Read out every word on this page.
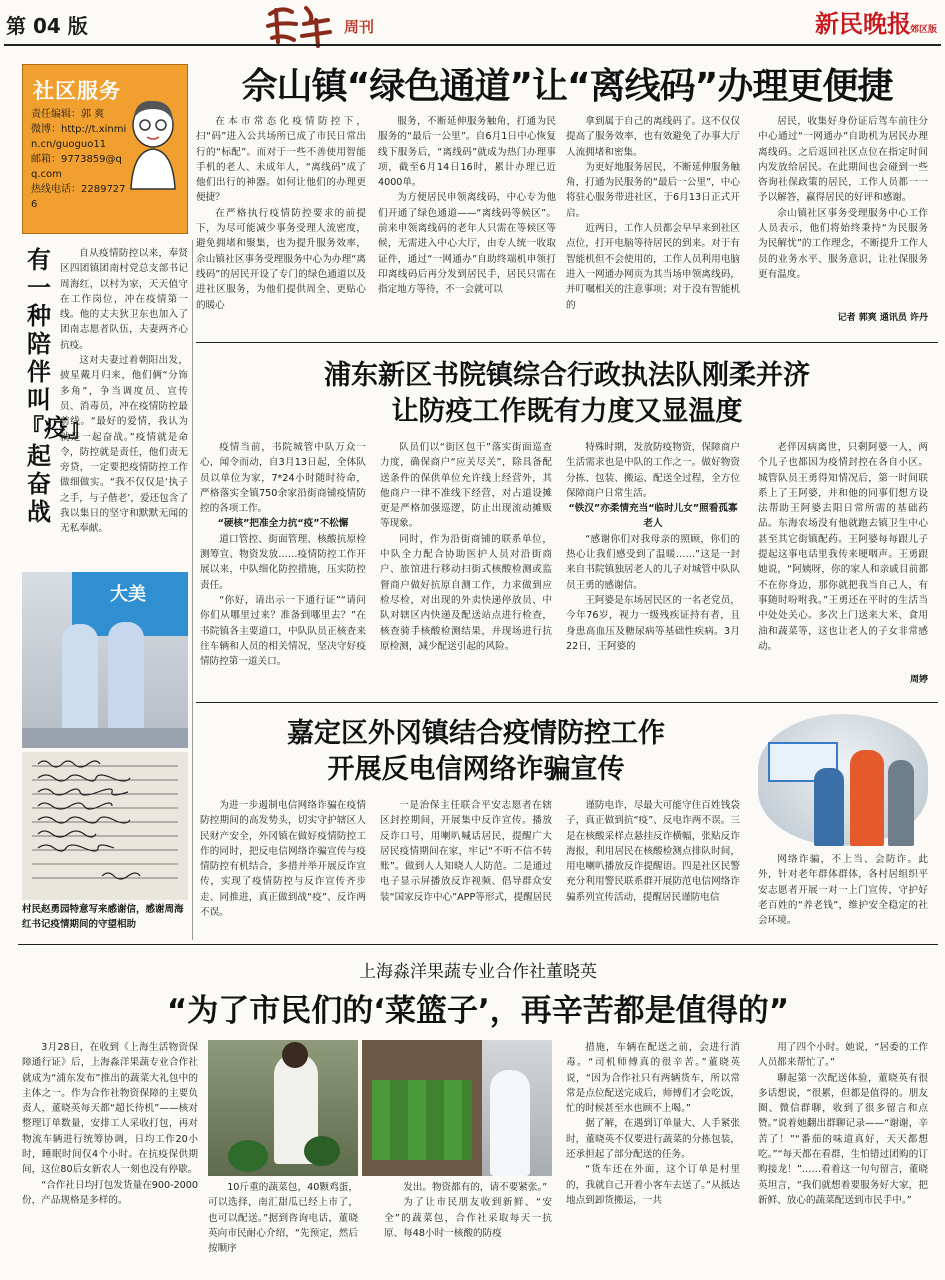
第 04 版	周刊	新民晚报
郊区版
社区服务
责任编辑：郭 爽
微博：http://t.xinmin.cn/guoguo11
邮箱：9773859@qq.com
热线电话：22897276
佘山镇“绿色通道”让“离线码”办理更便捷

在本市常态化疫情防控下，扫“码”进入公共场所已成了市民日常出行的“标配”。而对于一些不善使用智能手机的老人、未成年人，“离线码”成了他们出行的神器。如何让他们的办理更便捷？

在严格执行疫情防控要求的前提下，为尽可能减少事务受理人流密度，避免拥堵和聚集，也为提升服务效率，佘山镇社区事务受理服务中心为办理“离线码”的居民开设了专门的绿色通道以及进社区服务，为他们提供周全、更贴心的暖心

服务，不断延伸服务触角，打通为民服务的“最后一公里”。自6月1日中心恢复线下服务后，“离线码”就成为热门办理事项，截至6月14日16时，累计办理已近4000单。

为方便居民申领离线码，中心专为他们开通了绿色通道——“离线码等候区”。前来申领离线码的老年人只需在等候区等候，无需进入中心大厅，由专人统一收取证件，通过“一网通办”自助终端机申领打印离线码后再分发到居民手，居民只需在指定地方等待，不一会就可以

拿到属于自己的离线码了。这不仅仅提高了服务效率，也有效避免了办事大厅人流拥堵和密集。

为更好地服务居民，不断延伸服务触角，打通为民服务的“最后一公里”，中心将驻心服务带进社区，于6月13日正式开启。

近两日，工作人员都会早早来到社区点位，打开电脑等待居民的到来。对于有智能机但不会使用的，工作人员利用电脑进入一网通办网页为其当场申领离线码，并叮嘱相关的注意事项；对于没有智能机的

居民，收集好身份证后驾车前往分中心通过“一网通办”自助机为居民办理离线码。之后返回社区点位在指定时间内发放给居民。在此期间也会碰到一些咨询社保政策的居民，工作人员都一一予以解答，赢得居民的好评和感谢。

佘山镇社区事务受理服务中心工作人员表示，他们将始终秉持“为民服务 为民解忧”的工作理念，不断提升工作人员的业务水平、服务意识，让社保服务更有温度。

记者 郭爽 通讯员 许丹
有一种陪伴叫『疫』起奋战

自从疫情防控以来，奉贤区四团镇团南村党总支部书记周海红，以村为家，天天值守在工作岗位，冲在疫情第一线。他的丈夫狄卫东也加入了团南志愿者队伍，夫妻两齐心抗疫。

这对夫妻过着朝阳出发，披星戴月归来，他们俩“分饰多角”，争当调度员、宣传员、消毒员，冲在疫情防控最前线。“最好的爱情，我认为就是一起奋战。”疫情就是命令，防控就是责任，他们责无旁贷，一定要把疫情防控工作做细做实。“我不仅仅是‘执子之手，与子偕老’，爱还包含了我以集日的坚守和默默无闻的无私奉献。

大美
村民赵勇园特意写来感谢信，感谢周海红书记疫情期间的守望相助
浦东新区书院镇综合行政执法队刚柔并济
让防疫工作既有力度又显温度

疫情当前，书院城管中队万众一心，闻令而动，自3月13日起，全体队员以单位为家，7*24小时随时待命，严格落实全镇750余家沿街商铺疫情防控的各项工作。

“硬核”把准全力抗“疫”不松懈

道口管控、街面管理、核酸抗原检测筹宣、物资发放……疫情防控工作开展以来，中队细化防控措施，压实防控责任。

“你好，请出示一下通行证”“请问你们从哪里过来？准备到哪里去？”在书院镇各主要道口，中队队员正核查来往车辆和人员的相关情况，坚决守好疫情防控第一道关口。

队员们以“街区包干”落实街面巡查力度，确保商户“应关尽关”，除具备配送条件的保供单位允许线上经营外，其他商户一律不准线下经营，对占道设摊更是严格加强巡逻，防止出现流动摊贩等现象。

同时，作为沿街商铺的联系单位，中队全力配合协助医护人员对沿街商户、旅馆进行移动扫街式核酸检测或监督商户做好抗原自测工作，力求做到应检尽检，对出现的外卖快递停放员、中队对辖区内快递及配送站点进行检查，核查骑手核酸检测结果，并现场进行抗原检测，减少配送引起的风险。

特殊时期，发放防疫物资，保障商户生活需求也是中队的工作之一。做好物资分拣、包装、搬运、配送全过程，全方位保障商户日常生活。

“铁汉”亦柔情充当“临时儿女”照看孤寡老人

“感谢你们对我母亲的照顾，你们的热心让我们感受到了温暖……”这是一封来自书院镇独居老人的儿子对城管中队队员王勇的感谢信。

王阿婆是东场居民区的一名老党员，今年76岁，视力一级残疾证持有者，且身患高血压及糖尿病等基础性疾病。3月22日，王阿婆的

老伴因病离世，只剩阿婆一人，两个儿子也都因为疫情封控在各自小区。城管队员王勇得知情况后，第一时间联系上了王阿婆，并和他的同事们想方设法帮助王阿婆去阳日常所需的基础药品。东海农场没有他就跑去镇卫生中心甚至其它街镇配药。王阿婆每每跟儿子提起这事电话里我传来哽咽声。王勇跟她说，“阿姨呀，你的家人和亲戚目前都不在你身边，那你就把我当自己人，有事随时吩咐我。”王勇还在平时的生活当中处处关心。多次上门送来大米、食用油和蔬菜等，这也让老人的子女非常感动。

周婷
嘉定区外冈镇结合疫情防控工作
开展反电信网络诈骗宣传

为进一步遏制电信网络诈骗在疫情防控期间的高发势头，切实守护辖区人民财产安全，外冈镇在做好疫情防控工作的同时，把反电信网络诈骗宣传与疫情防控有机结合，多措并举开展反诈宣传，实现了疫情防控与反诈宣传齐步走、同推进，真正做到战“疫”、反诈两不误。

一是治保主任联合平安志愿者在辖区封控期间，开展集中反诈宣传。播放反诈口号，用喇叭喊话居民，提醒广大居民疫情期间在家，牢记“不听不信不转账”。做到人人知晓人人防范。二是通过电子显示屏播放反诈视频、倡导群众安装“国家反诈中心”APP等形式，提醒居民

谨防电诈，尽最大可能守住百姓钱袋子，真正做到抗“疫”、反电诈两不误。三是在核酸采样点悬挂反诈横幅，张贴反诈海报，利用居民在核酸检测点排队时间，用电喇叭播放反诈提醒语。四是社区民警充分利用警民联系群开展防范电信网络诈骗系列宣传活动，提醒居民谨防电信

网络诈骗，不上当、会防诈。此外，针对老年群体群体，各村居组织平安志愿者开展一对一上门宣传，守护好老百姓的“养老钱”，维护安全稳定的社会环境。

上海淼洋果蔬专业合作社董晓英
“为了市民们的‘菜篮子’，再辛苦都是值得的”

3月28日，在收到《上海生活物资保障通行证》后，上海淼洋果蔬专业合作社就成为“浦东发布”推出的蔬菜大礼包中的主体之一。作为合作社物资保障的主要负责人，董晓英每天都“超长待机”——核对整理订单数量，安排工人采收打包，再对物流车辆进行统筹协调，日均工作20小时，睡眠时间仅4个小时。在抗疫保供期间，这位80后女新农人一刻也没有停歇。

“合作社日均打包发货量在900-2000份，产品规格是多样的。

10斤重的蔬菜包，40颗鸡蛋，可以选择，南汇甜瓜已经上市了，也可以配送。”据到咨询电话，董晓英向市民耐心介绍，“先预定，然后按顺序

发出。物资都有的，请不要紧张。”

为了让市民朋友收到新鲜、“安全”的蔬菜包，合作社采取每天一抗原、每48小时一核酸的防疫

措施，车辆在配送之前，会进行消毒。“司机师傅真的很辛苦。”董晓英说，“因为合作社只有两辆货车，所以常常是点位配送完成后，师傅们才会吃饭，忙的时候甚至水也顾不上喝。”

据了解，在遇到订单量大、人手紧张时，董晓英不仅要进行蔬菜的分拣包装，还承担起了部分配送的任务。

“货车还在外面，这个订单是村里的，我就自己开着小客车去送了。”从抵达地点到卸货搬运，一共

用了四个小时。她说，“居委的工作人员都来帮忙了。”

聊起第一次配送体验，董晓英有很多话想说，“很累，但都是值得的。朋友圈、微信群聊，收到了很多留言和点赞。”说着她翻出群聊记录——“谢谢，辛苦了！”“番茄的味道真好，天天都想吃。”“每天都在看群，生怕错过团购的订购接龙！”……看着这一句句留言，董晓英坦言，“我们就想着要服务好大家，把新鲜、放心的蔬菜配送到市民手中。”
